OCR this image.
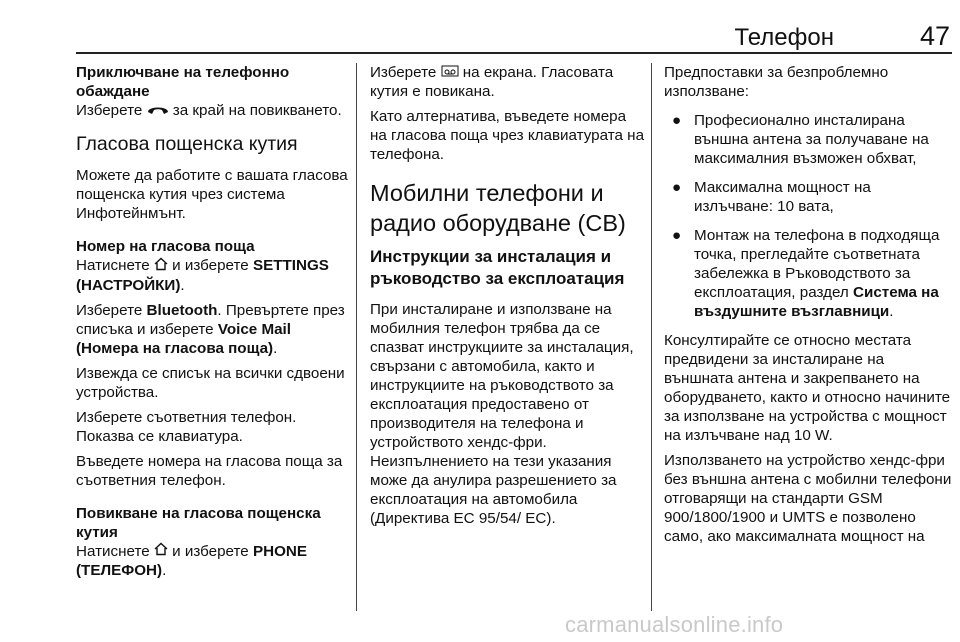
Телефон	47

Приключване на телефонно обаждане

Изберете за край на повикването.

Гласова пощенска кутия

Можете да работите с вашата гласова пощенска кутия чрез система Инфотейнмънт.

Номер на гласова поща

Натиснете и изберете SETTINGS (НАСТРОЙКИ).

Изберете Bluetooth. Превъртете през списъка и изберете Voice Mail (Номера на гласова поща).

Извежда се списък на всички сдвоени устройства.

Изберете съответния телефон. Показва се клавиатура.

Въведете номера на гласова поща за съответния телефон.

Повикване на гласова пощенска кутия

Натиснете и изберете PHONE (ТЕЛЕФОН).

Изберете на екрана. Гласовата кутия е повикана.

Като алтернатива, въведете номера на гласова поща чрез клавиатурата на телефона.

Мобилни телефони и радио оборудване (CB)
Инструкции за инсталация и ръководство за експлоатация

При инсталиране и използване на мобилния телефон трябва да се спазват инструкциите за инсталация, свързани с автомобила, както и инструкциите на ръководството за експлоатация предоставено от производителя на телефона и устройството хендс-фри. Неизпълнението на тези указания може да анулира разрешението за експлоатация на автомобила (Директива ЕС 95/54/ ЕС).

Предпоставки за безпроблемно използване:

● Професионално инсталирана външна антена за получаване на максималния възможен обхват,
● Максимална мощност на излъчване: 10 вата,
● Монтаж на телефона в подходяща точка, прегледайте съответната забележка в Ръководството за експлоатация, раздел Система на въздушните възглавници.

Консултирайте се относно местата предвидени за инсталиране на външната антена и закрепването на оборудването, както и относно начините за използване на устройства с мощност на излъчване над 10 W.

Използването на устройство хендс-фри без външна антена с мобилни телефони отговарящи на стандарти GSM 900/1800/1900 и UMTS е позволено само, ако максималната мощност на

carmanualsonline.info
